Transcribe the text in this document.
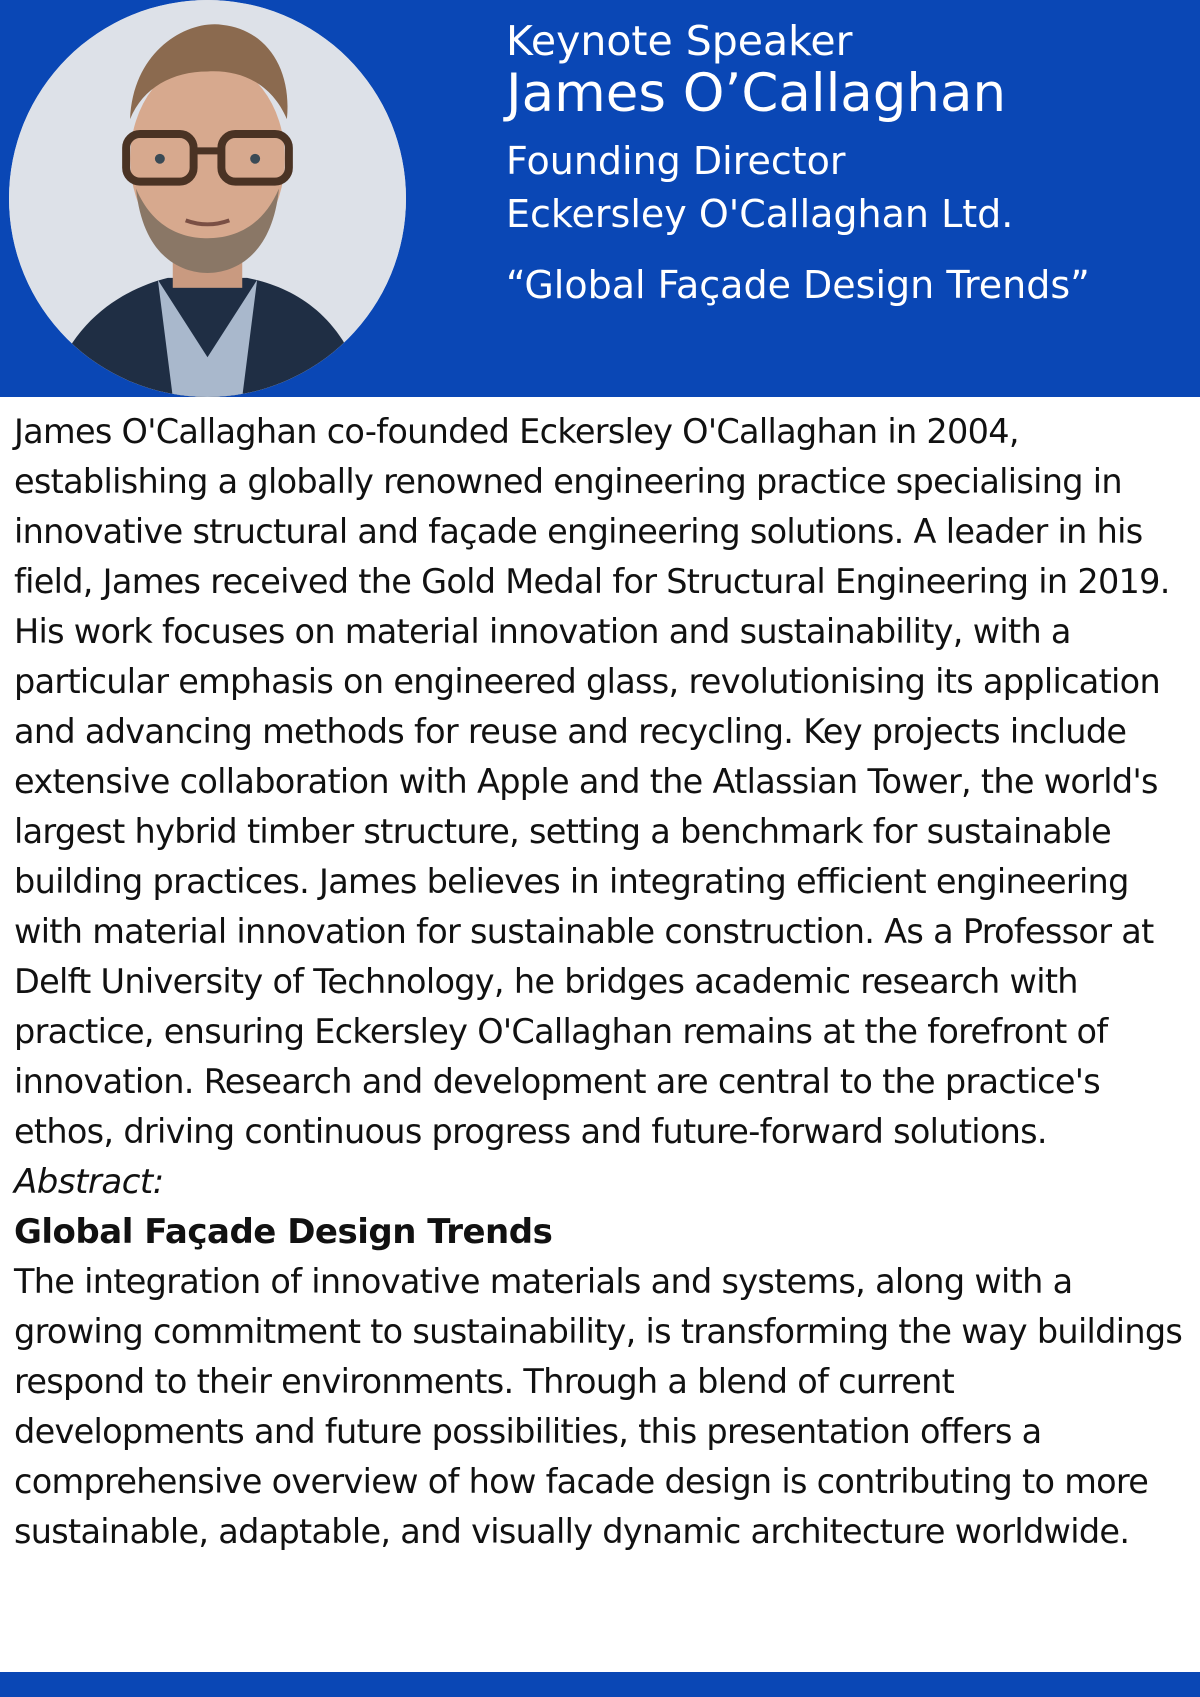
Keynote Speaker
James O’Callaghan
Founding Director
Eckersley O'Callaghan Ltd.
“Global Façade Design Trends”

James O'Callaghan co-founded Eckersley O'Callaghan in 2004, establishing a globally renowned engineering practice specialising in innovative structural and façade engineering solutions. A leader in his field, James received the Gold Medal for Structural Engineering in 2019. His work focuses on material innovation and sustainability, with a particular emphasis on engineered glass, revolutionising its application and advancing methods for reuse and recycling. Key projects include extensive collaboration with Apple and the Atlassian Tower, the world's largest hybrid timber structure, setting a benchmark for sustainable building practices. James believes in integrating efficient engineering with material innovation for sustainable construction. As a Professor at Delft University of Technology, he bridges academic research with practice, ensuring Eckersley O'Callaghan remains at the forefront of innovation. Research and development are central to the practice's ethos, driving continuous progress and future-forward solutions.

Abstract:
Global Façade Design Trends

The integration of innovative materials and systems, along with a growing commitment to sustainability, is transforming the way buildings respond to their environments. Through a blend of current developments and future possibilities, this presentation offers a comprehensive overview of how facade design is contributing to more sustainable, adaptable, and visually dynamic architecture worldwide.
